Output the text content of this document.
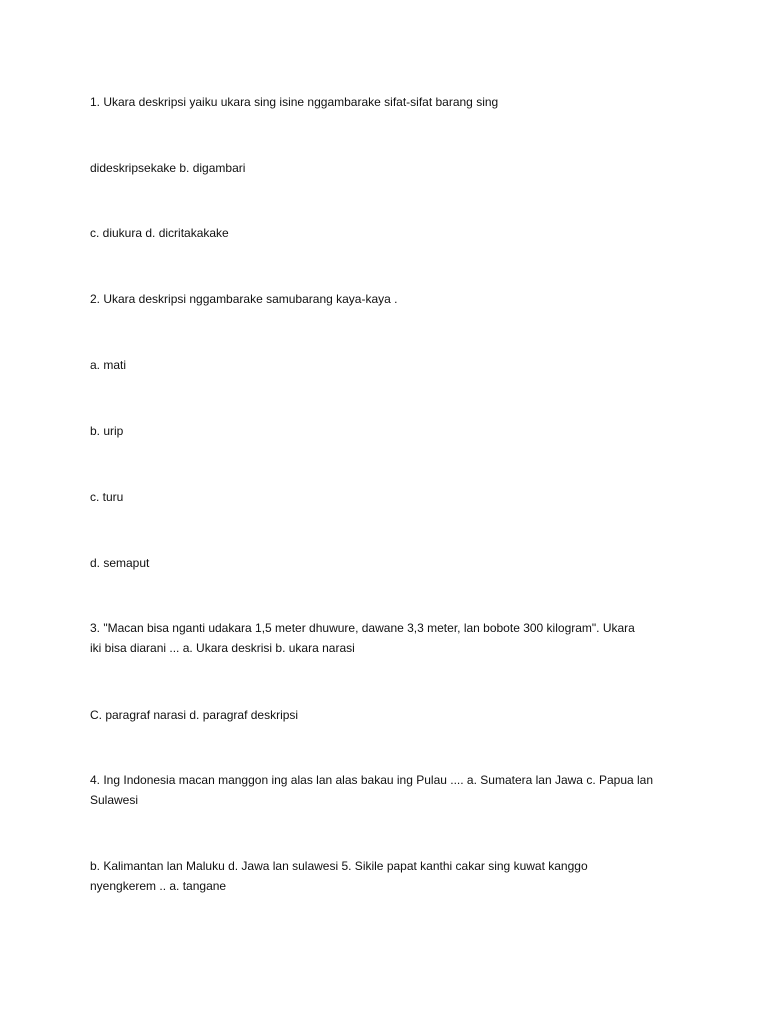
1. Ukara deskripsi yaiku ukara sing isine nggambarake sifat-sifat barang sing
dideskripsekake b. digambari
c. diukura d. dicritakakake
2. Ukara deskripsi nggambarake samubarang kaya-kaya .
a. mati
b. urip
c. turu
d. semaput
3. "Macan bisa nganti udakara 1,5 meter dhuwure, dawane 3,3 meter, lan bobote 300 kilogram". Ukara
iki bisa diarani ... a. Ukara deskrisi b. ukara narasi
C. paragraf narasi d. paragraf deskripsi
4. Ing Indonesia macan manggon ing alas lan alas bakau ing Pulau .... a. Sumatera lan Jawa c. Papua lan
Sulawesi
b. Kalimantan lan Maluku d. Jawa lan sulawesi 5. Sikile papat kanthi cakar sing kuwat kanggo
nyengkerem .. a. tangane
